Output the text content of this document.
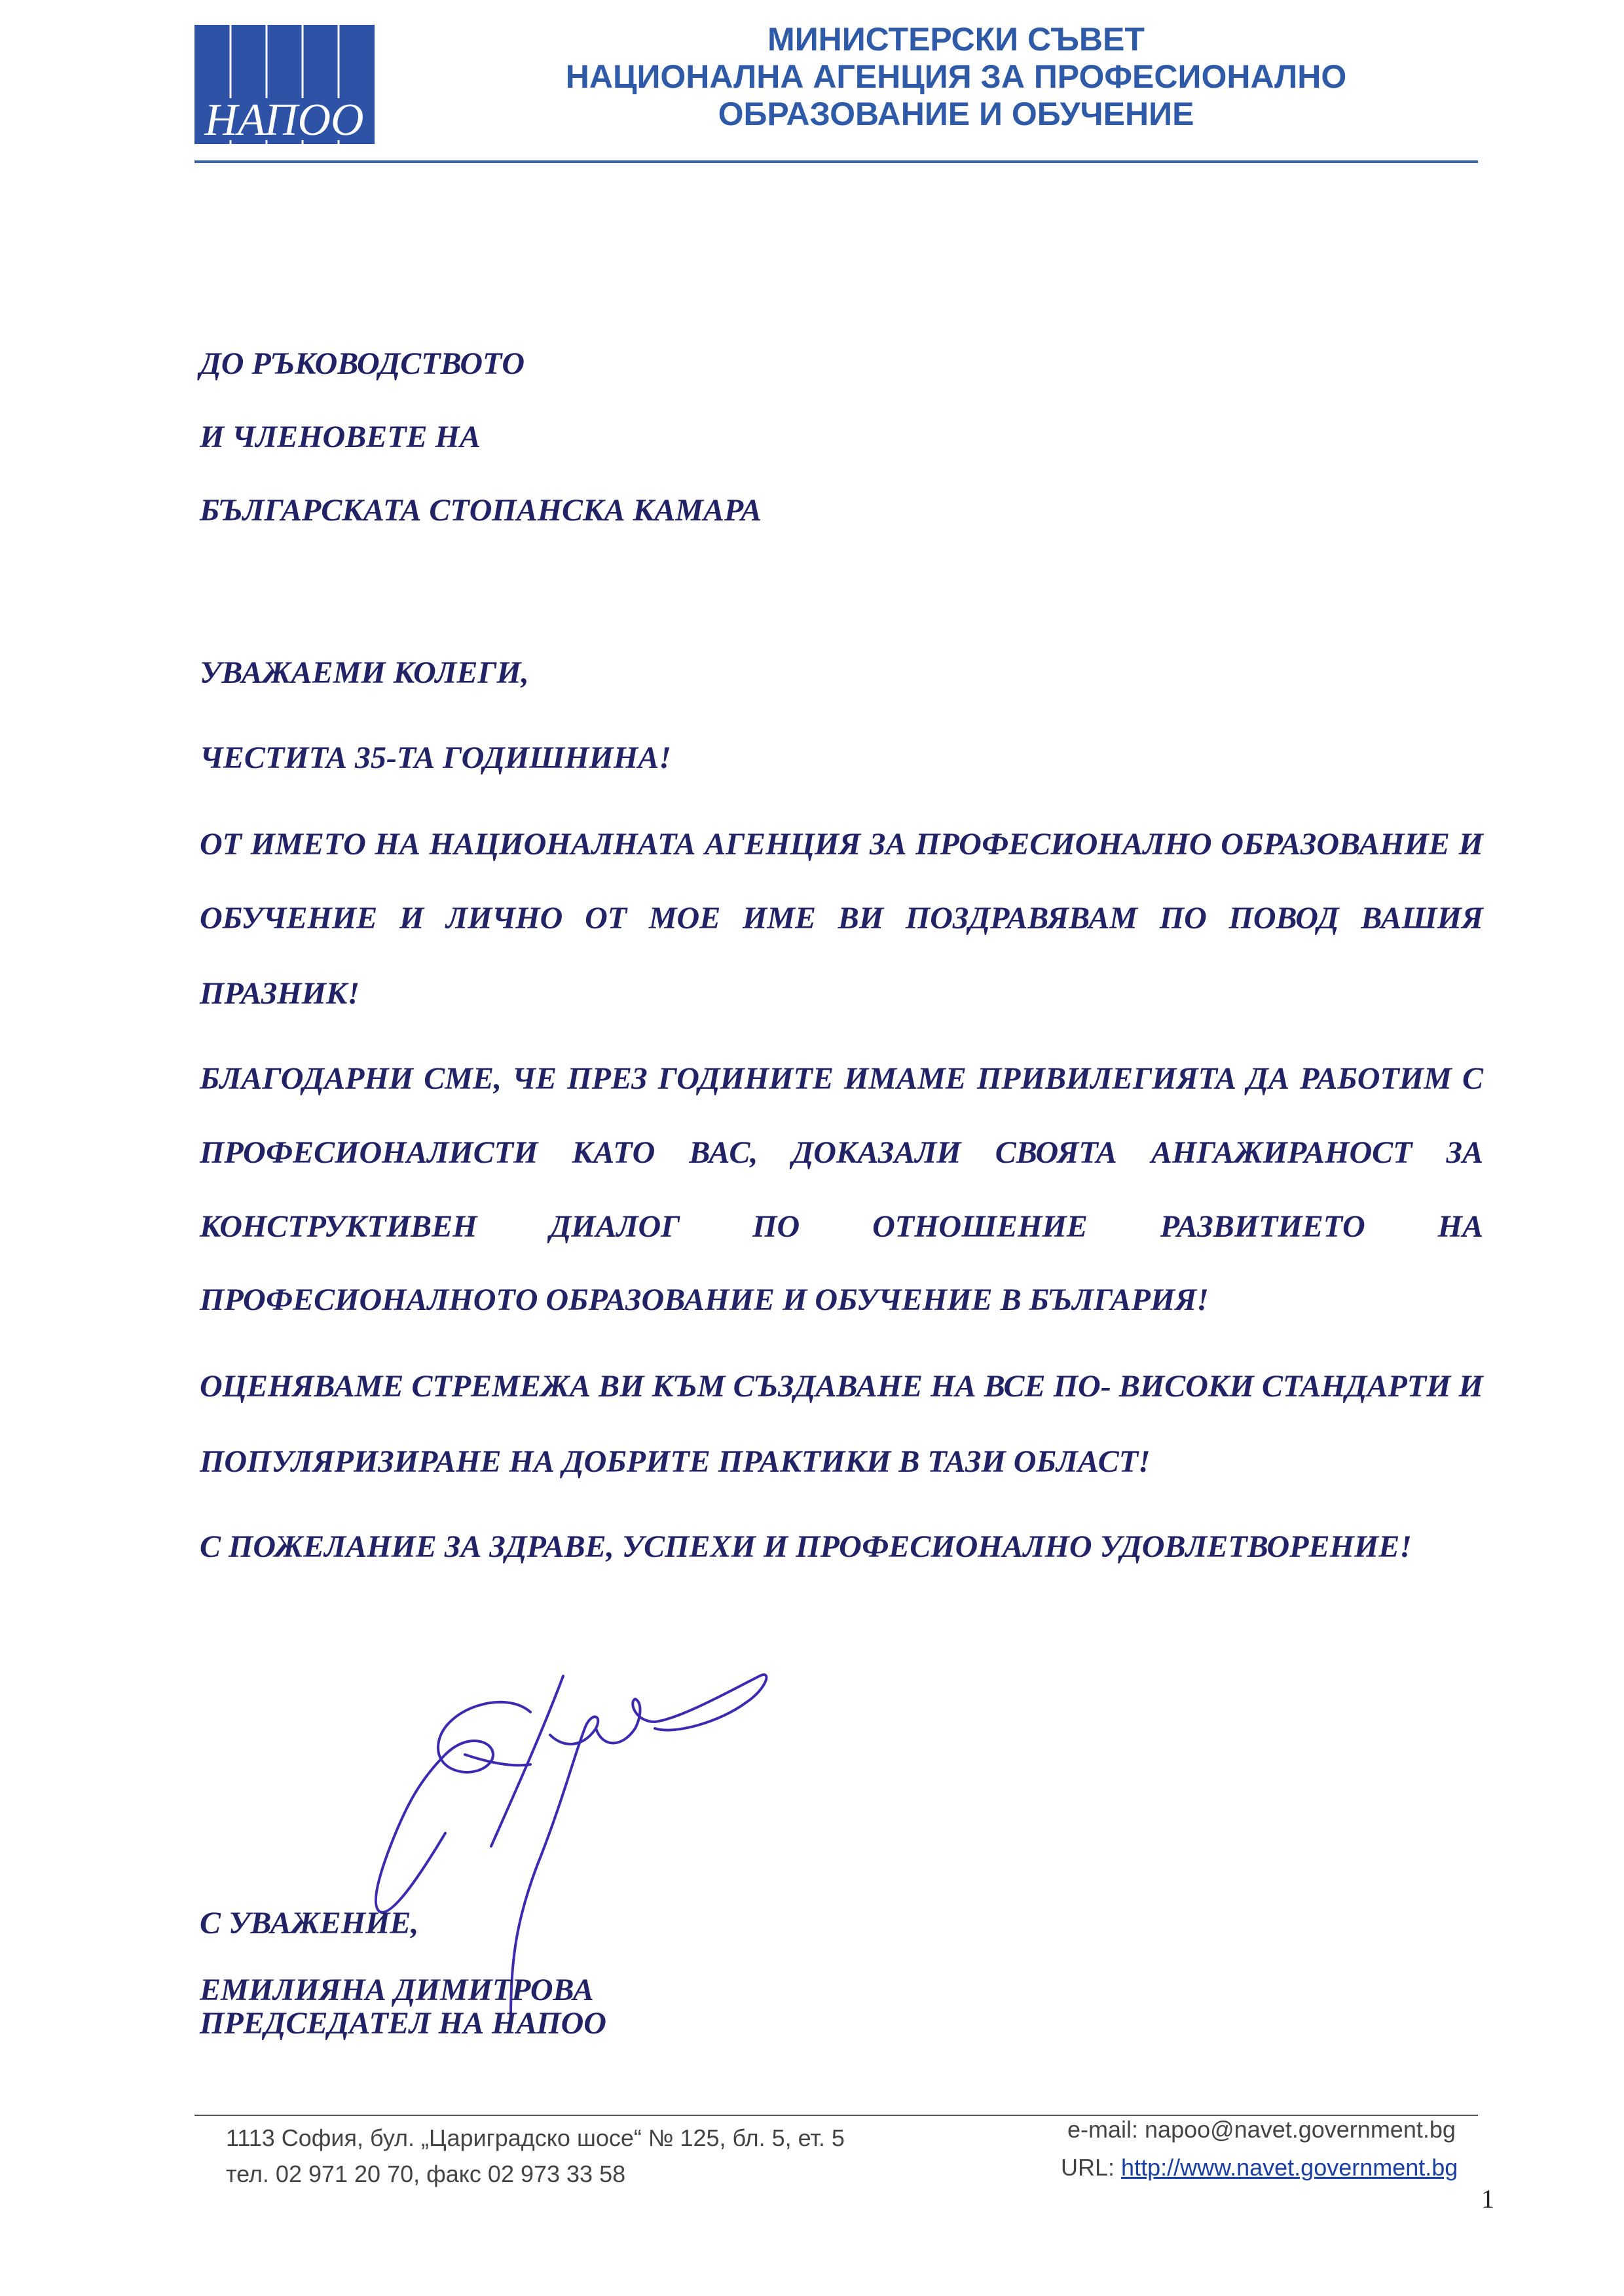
НАПОО
МИНИСТЕРСКИ СЪВЕТ
НАЦИОНАЛНА АГЕНЦИЯ ЗА ПРОФЕСИОНАЛНО
ОБРАЗОВАНИЕ И ОБУЧЕНИЕ
ДО РЪКОВОДСТВОТО
И ЧЛЕНОВЕТЕ НА
БЪЛГАРСКАТА СТОПАНСКА КАМАРА
УВАЖАЕМИ КОЛЕГИ,
ЧЕСТИТА 35-ТА ГОДИШНИНА!
ОТ ИМЕТО НА НАЦИОНАЛНАТА АГЕНЦИЯ ЗА ПРОФЕСИОНАЛНО ОБРАЗОВАНИЕ И
ОБУЧЕНИЕ И ЛИЧНО ОТ МОЕ ИМЕ ВИ ПОЗДРАВЯВАМ ПО ПОВОД ВАШИЯ
ПРАЗНИК!
БЛАГОДАРНИ СМЕ, ЧЕ ПРЕЗ ГОДИНИТЕ ИМАМЕ ПРИВИЛЕГИЯТА ДА РАБОТИМ С
ПРОФЕСИОНАЛИСТИ КАТО ВАС, ДОКАЗАЛИ СВОЯТА АНГАЖИРАНОСТ ЗА
КОНСТРУКТИВЕН ДИАЛОГ ПО ОТНОШЕНИЕ РАЗВИТИЕТО НА
ПРОФЕСИОНАЛНОТО ОБРАЗОВАНИЕ И ОБУЧЕНИЕ В БЪЛГАРИЯ!
ОЦЕНЯВАМЕ СТРЕМЕЖА ВИ КЪМ СЪЗДАВАНЕ НА ВСЕ ПО- ВИСОКИ СТАНДАРТИ И
ПОПУЛЯРИЗИРАНЕ НА ДОБРИТЕ ПРАКТИКИ В ТАЗИ ОБЛАСТ!
С ПОЖЕЛАНИЕ ЗА ЗДРАВЕ, УСПЕХИ И ПРОФЕСИОНАЛНО УДОВЛЕТВОРЕНИЕ!
С УВАЖЕНИЕ,
ЕМИЛИЯНА ДИМИТРОВА
ПРЕДСЕДАТЕЛ НА НАПОО
1113 София, бул. „Цариградско шосе“ № 125, бл. 5, ет. 5
тел. 02 971 20 70, факс 02 973 33 58
e-mail: napoo@navet.government.bg
URL: http://www.navet.government.bg
1
